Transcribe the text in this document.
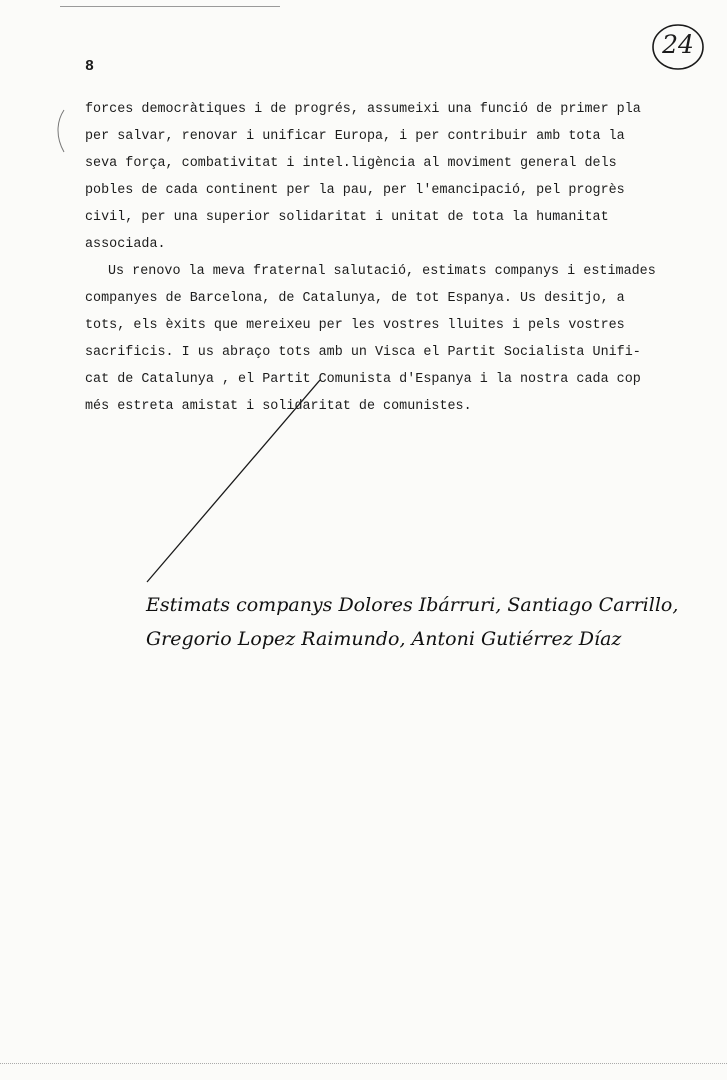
8
24
forces democràtiques i de progrés, assumeixi una funció de primer pla
per salvar, renovar i unificar Europa, i per contribuir amb tota la
seva força, combativitat i intel.ligència al moviment general dels
pobles de cada continent per la pau, per l'emancipació, pel progrès
civil, per una superior solidaritat i unitat de tota la humanitat
associada.
Us renovo la meva fraternal salutació, estimats companys i estimades
companyes de Barcelona, de Catalunya, de tot Espanya. Us desitjo, a
tots, els èxits que mereixeu per les vostres lluites i pels vostres
sacrificis. I us abraço tots amb un Visca el Partit Socialista Unifi-
cat de Catalunya , el Partit Comunista d'Espanya i la nostra cada cop
més estreta amistat i solidaritat de comunistes.
Estimats companys Dolores Ibárruri, Santiago Carrillo,
Gregorio Lopez Raimundo, Antoni Gutiérrez Díaz
